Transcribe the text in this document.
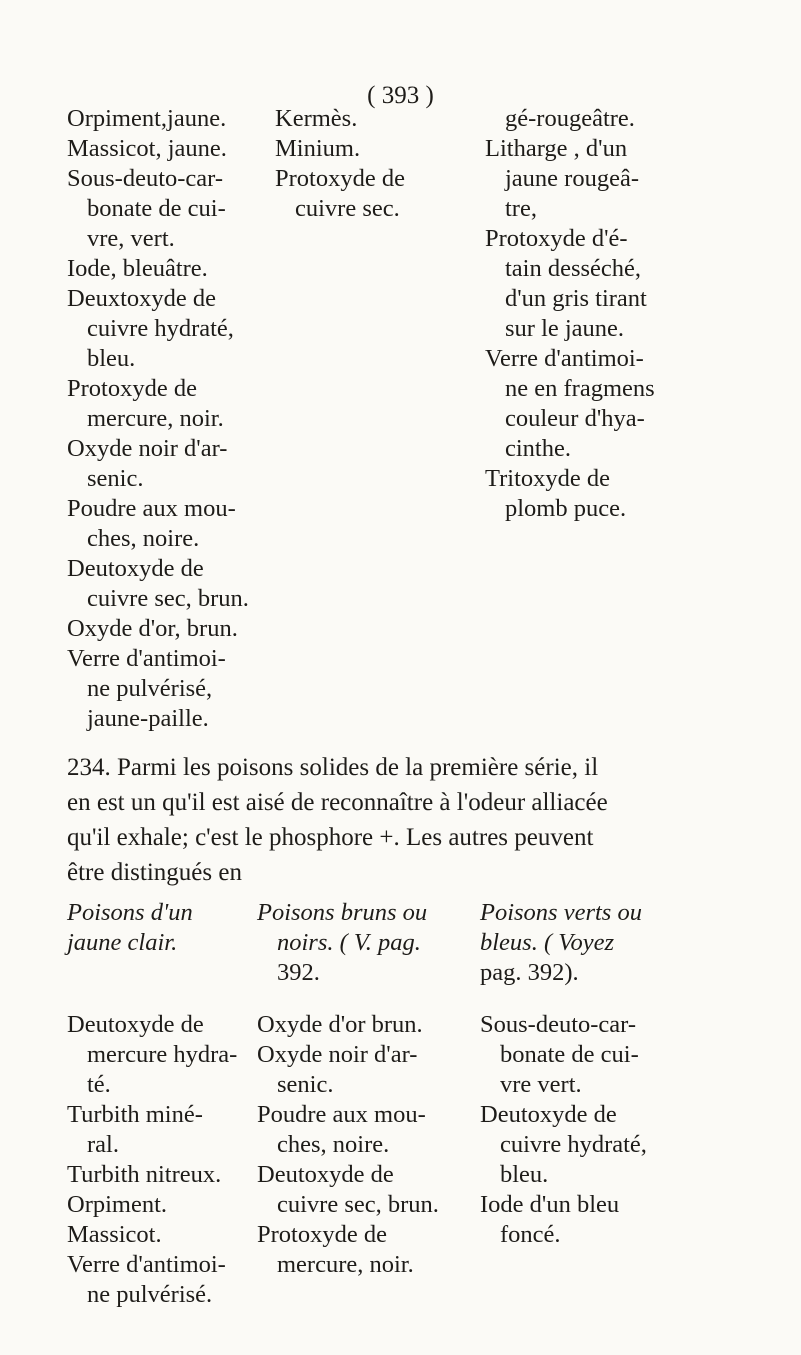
( 393 )
Orpiment,jaune.
Massicot, jaune.
Sous-deuto-car-
bonate de cui-
vre, vert.
Iode, bleuâtre.
Deuxtoxyde de
cuivre hydraté,
bleu.
Protoxyde de
mercure, noir.
Oxyde noir d'ar-
senic.
Poudre aux mou-
ches, noire.
Deutoxyde de
cuivre sec, brun.
Oxyde d'or, brun.
Verre d'antimoi-
ne pulvérisé,
jaune-paille.
Kermès.
Minium.
Protoxyde de
cuivre sec.
gé-rougeâtre.
Litharge , d'un
jaune rougeâ-
tre,
Protoxyde d'é-
tain desséché,
d'un gris tirant
sur le jaune.
Verre d'antimoi-
ne en fragmens
couleur d'hya-
cinthe.
Tritoxyde de
plomb puce.
234. Parmi les poisons solides de la première série, il
en est un qu'il est aisé de reconnaître à l'odeur alliacée
qu'il exhale; c'est le phosphore +. Les autres peuvent
être distingués en
Poisons d'un
jaune clair.
Deutoxyde de
mercure hydra-
té.
Turbith miné-
ral.
Turbith nitreux.
Orpiment.
Massicot.
Verre d'antimoi-
ne pulvérisé.
Poisons bruns ou
noirs. ( V. pag.
392.
Oxyde d'or brun.
Oxyde noir d'ar-
senic.
Poudre aux mou-
ches, noire.
Deutoxyde de
cuivre sec, brun.
Protoxyde de
mercure, noir.
Poisons verts ou
bleus. ( Voyez
pag. 392).
Sous-deuto-car-
bonate de cui-
vre vert.
Deutoxyde de
cuivre hydraté,
bleu.
Iode d'un bleu
foncé.
